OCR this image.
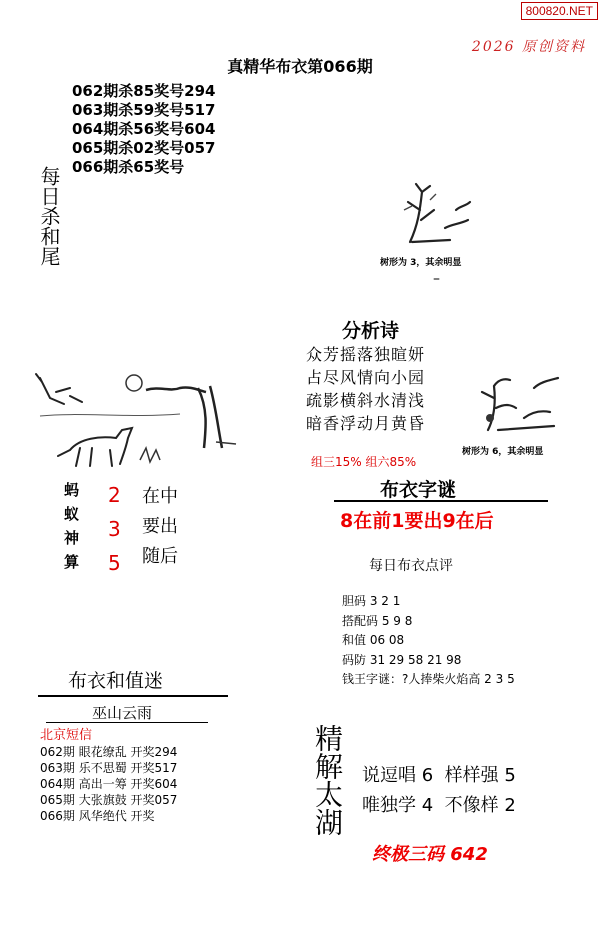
800820.NET
2026 原创资料
真精华布衣第066期
062期杀85奖号294
063期杀59奖号517
064期杀56奖号604
065期杀02奖号057
066期杀65奖号
每日杀和尾	树形为 3，其余明显
–
分析诗
众芳摇落独暄妍
占尽风情向小园
疏影横斜水清浅
暗香浮动月黄昏
树形为 6，其余明显
组三15% 组六85%
布衣字谜
8在前1要出9在后
每日布衣点评
胆码 3 2 1
搭配码 5 9 8
和值 06 08
码防 31 29 58 21 98
钱王字谜：?人捧柴火焰高 2 3 5
蚂
蚁
神
算
2
3
5
在中
要出
随后
布衣和值迷
巫山云雨
北京短信
062期 眼花缭乱 开奖294
063期 乐不思蜀 开奖517
064期 高出一筹 开奖604
065期 大张旗鼓 开奖057
066期 风华绝代 开奖	精解太湖 说逗唱 6  样样强 5
唯独学 4  不像样 2
终极三码 642
